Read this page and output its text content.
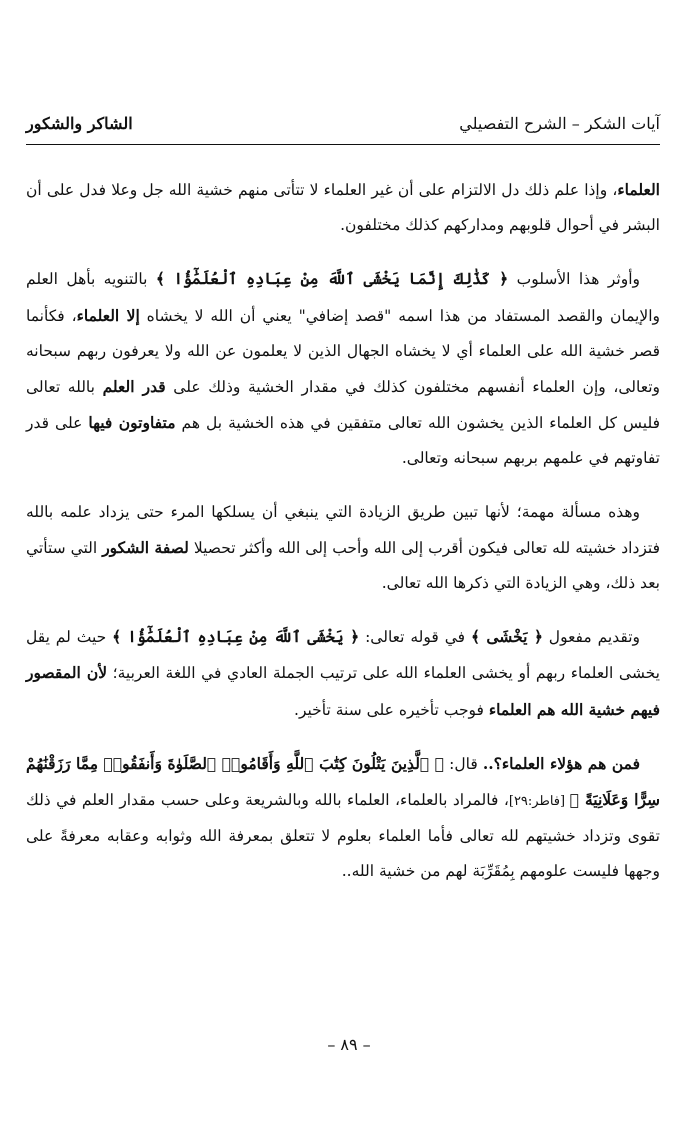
آيات الشكر – الشرح التفصيلي
الشاكر والشكور

العلماء، وإذا علم ذلك دل الالتزام على أن غير العلماء لا تتأتى منهم خشية الله جل وعلا فدل على أن البشر في أحوال قلوبهم ومداركهم كذلك مختلفون.

وأوثر هذا الأسلوب ﴿ كَذَٰلِكَ إِنَّمَا يَخْشَى ٱللَّهَ مِنْ عِبَادِهِ ٱلْعُلَمَٰٓؤُا ﴾ بالتنويه بأهل العلم والإيمان والقصد المستفاد من هذا اسمه "قصد إضافي" يعني أن الله لا يخشاه إلا العلماء، فكأنما قصر خشية الله على العلماء أي لا يخشاه الجهال الذين لا يعلمون عن الله ولا يعرفون ربهم سبحانه وتعالى، وإن العلماء أنفسهم مختلفون كذلك في مقدار الخشية وذلك على قدر العلم بالله تعالى فليس كل العلماء الذين يخشون الله تعالى متفقين في هذه الخشية بل هم متفاوتون فيها على قدر تفاوتهم في علمهم بربهم سبحانه وتعالى.

وهذه مسألة مهمة؛ لأنها تبين طريق الزيادة التي ينبغي أن يسلكها المرء حتى يزداد علمه بالله فتزداد خشيته لله تعالى فيكون أقرب إلى الله وأحب إلى الله وأكثر تحصيلا لصفة الشكور التي ستأتي بعد ذلك، وهي الزيادة التي ذكرها الله تعالى.

وتقديم مفعول ﴿ يَخْشَى ﴾ في قوله تعالى: ﴿ يَخْشَى ٱللَّهَ مِنْ عِبَادِهِ ٱلْعُلَمَٰٓؤُا ﴾ حيث لم يقل يخشى العلماء ربهم أو يخشى العلماء الله على ترتيب الجملة العادي في اللغة العربية؛ لأن المقصور فيهم خشية الله هم العلماء فوجب تأخيره على سنة تأخير.

فمن هم هؤلاء العلماء؟.. قال: ﴿ ٱلَّذِينَ يَتْلُونَ كِتَٰبَ ٱللَّهِ وَأَقَامُوا۟ ٱلصَّلَوٰةَ وَأَنفَقُوا۟ مِمَّا رَزَقْنَٰهُمْ سِرًّا وَعَلَانِيَةً ﴾ [فاطر:٢٩]، فالمراد بالعلماء، العلماء بالله وبالشريعة وعلى حسب مقدار العلم في ذلك تقوى وتزداد خشيتهم لله تعالى فأما العلماء بعلوم لا تتعلق بمعرفة الله وثوابه وعقابه معرفةً على وجهها فليست علومهم بِمُقَرِّبَة لهم من خشية الله..

– ٨٩ –
